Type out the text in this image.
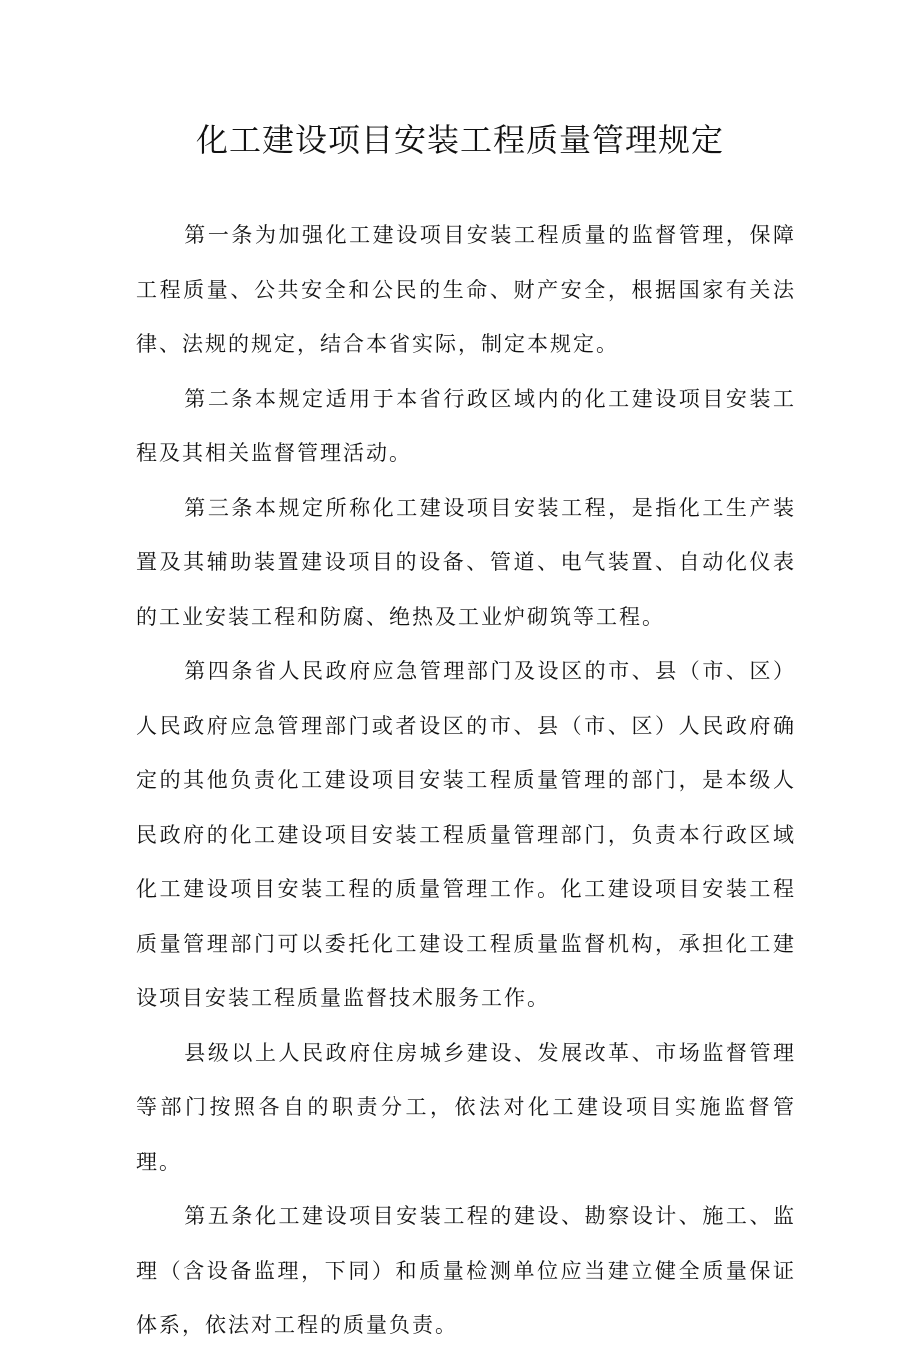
化工建设项目安装工程质量管理规定

第一条为加强化工建设项目安装工程质量的监督管理，保障工程质量、公共安全和公民的生命、财产安全，根据国家有关法律、法规的规定，结合本省实际，制定本规定。

第二条本规定适用于本省行政区域内的化工建设项目安装工程及其相关监督管理活动。

第三条本规定所称化工建设项目安装工程，是指化工生产装置及其辅助装置建设项目的设备、管道、电气装置、自动化仪表的工业安装工程和防腐、绝热及工业炉砌筑等工程。

第四条省人民政府应急管理部门及设区的市、县（市、区）人民政府应急管理部门或者设区的市、县（市、区）人民政府确定的其他负责化工建设项目安装工程质量管理的部门，是本级人民政府的化工建设项目安装工程质量管理部门，负责本行政区域化工建设项目安装工程的质量管理工作。化工建设项目安装工程质量管理部门可以委托化工建设工程质量监督机构，承担化工建设项目安装工程质量监督技术服务工作。

县级以上人民政府住房城乡建设、发展改革、市场监督管理等部门按照各自的职责分工，依法对化工建设项目实施监督管理。

第五条化工建设项目安装工程的建设、勘察设计、施工、监理（含设备监理，下同）和质量检测单位应当建立健全质量保证体系，依法对工程的质量负责。
